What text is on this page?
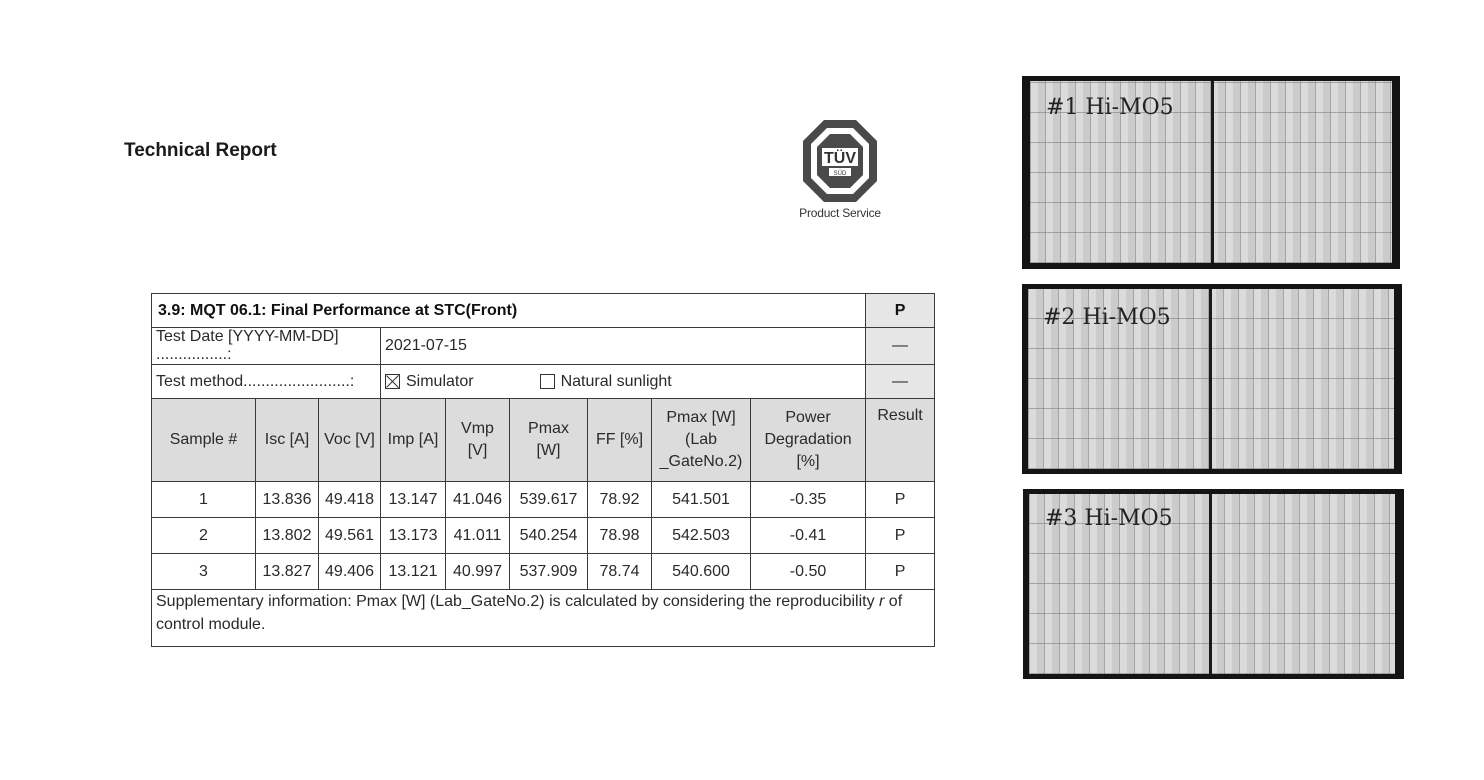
Technical Report	TÜV
SÜD
Product Service
3.9: MQT 06.1: Final Performance at STC(Front)									P
Test Date [YYYY-MM-DD] ................:			2021-07-15						—
Test method........................:			Simulator Natural sunlight						—
Sample #	Isc [A]	Voc [V]	Imp [A]	Vmp [V]	Pmax [W]	FF [%]	Pmax [W] (Lab _GateNo.2)	Power Degradation [%]	Result
1	13.836	49.418	13.147	41.046	539.617	78.92	541.501	-0.35	P
2	13.802	49.561	13.173	41.011	540.254	78.98	542.503	-0.41	P
3	13.827	49.406	13.121	40.997	537.909	78.74	540.600	-0.50	P
Supplementary information: Pmax [W] (Lab_GateNo.2) is calculated by considering the reproducibility r of control module.									
#1 Hi-MO5
#2 Hi-MO5
#3 Hi-MO5
